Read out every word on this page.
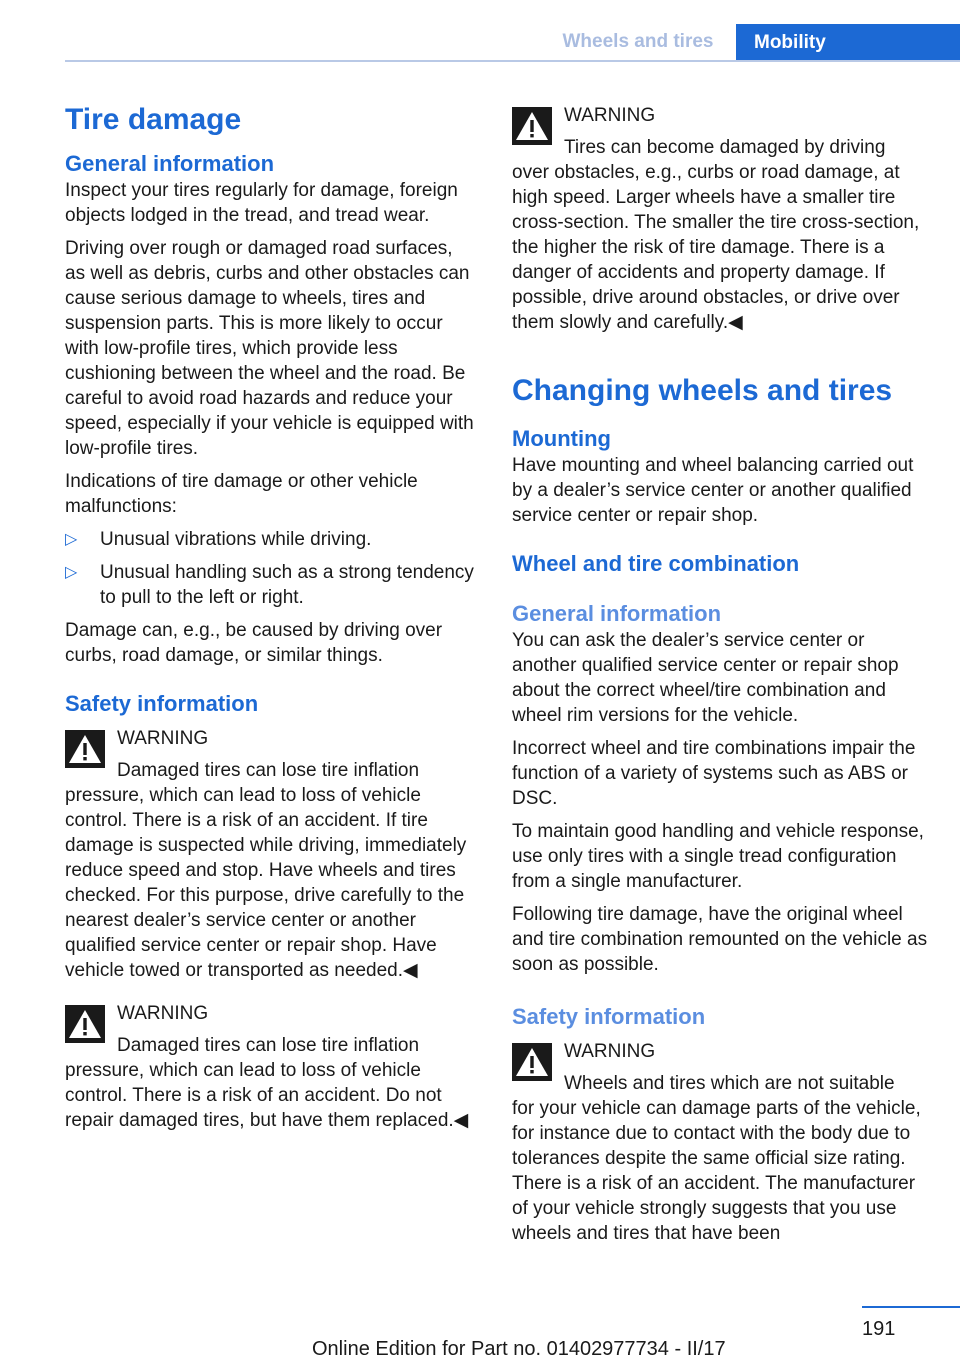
Wheels and tires	Mobility
Tire damage
General information

Inspect your tires regularly for damage, foreign objects lodged in the tread, and tread wear.

Driving over rough or damaged road surfaces, as well as debris, curbs and other obstacles can cause serious damage to wheels, tires and suspension parts. This is more likely to occur with low-profile tires, which provide less cushioning between the wheel and the road. Be careful to avoid road hazards and reduce your speed, especially if your vehicle is equipped with low-profile tires.

Indications of tire damage or other vehicle malfunctions:

▷ Unusual vibrations while driving.
▷ Unusual handling such as a strong tendency to pull to the left or right.

Damage can, e.g., be caused by driving over curbs, road damage, or similar things.

Safety information
WARNING
Damaged tires can lose tire inflation
pressure, which can lead to loss of vehicle control. There is a risk of an accident. If tire damage is suspected while driving, immediately reduce speed and stop. Have wheels and tires checked. For this purpose, drive carefully to the nearest dealer’s service center or another qualified service center or repair shop. Have vehicle towed or transported as needed.◀
WARNING
Damaged tires can lose tire inflation
pressure, which can lead to loss of vehicle control. There is a risk of an accident. Do not repair damaged tires, but have them replaced.◀
WARNING
Tires can become damaged by driving
over obstacles, e.g., curbs or road damage, at high speed. Larger wheels have a smaller tire cross-section. The smaller the tire cross-section, the higher the risk of tire damage. There is a danger of accidents and property damage. If possible, drive around obstacles, or drive over them slowly and carefully.◀
Changing wheels and tires
Mounting

Have mounting and wheel balancing carried out by a dealer’s service center or another qualified service center or repair shop.

Wheel and tire combination
General information

You can ask the dealer’s service center or another qualified service center or repair shop about the correct wheel/tire combination and wheel rim versions for the vehicle.

Incorrect wheel and tire combinations impair the function of a variety of systems such as ABS or DSC.

To maintain good handling and vehicle response, use only tires with a single tread configuration from a single manufacturer.

Following tire damage, have the original wheel and tire combination remounted on the vehicle as soon as possible.

Safety information
WARNING
Wheels and tires which are not suitable
for your vehicle can damage parts of the vehicle, for instance due to contact with the body due to tolerances despite the same official size rating. There is a risk of an accident. The manufacturer of your vehicle strongly suggests that you use wheels and tires that have been
191
Online Edition for Part no. 01402977734 - II/17
